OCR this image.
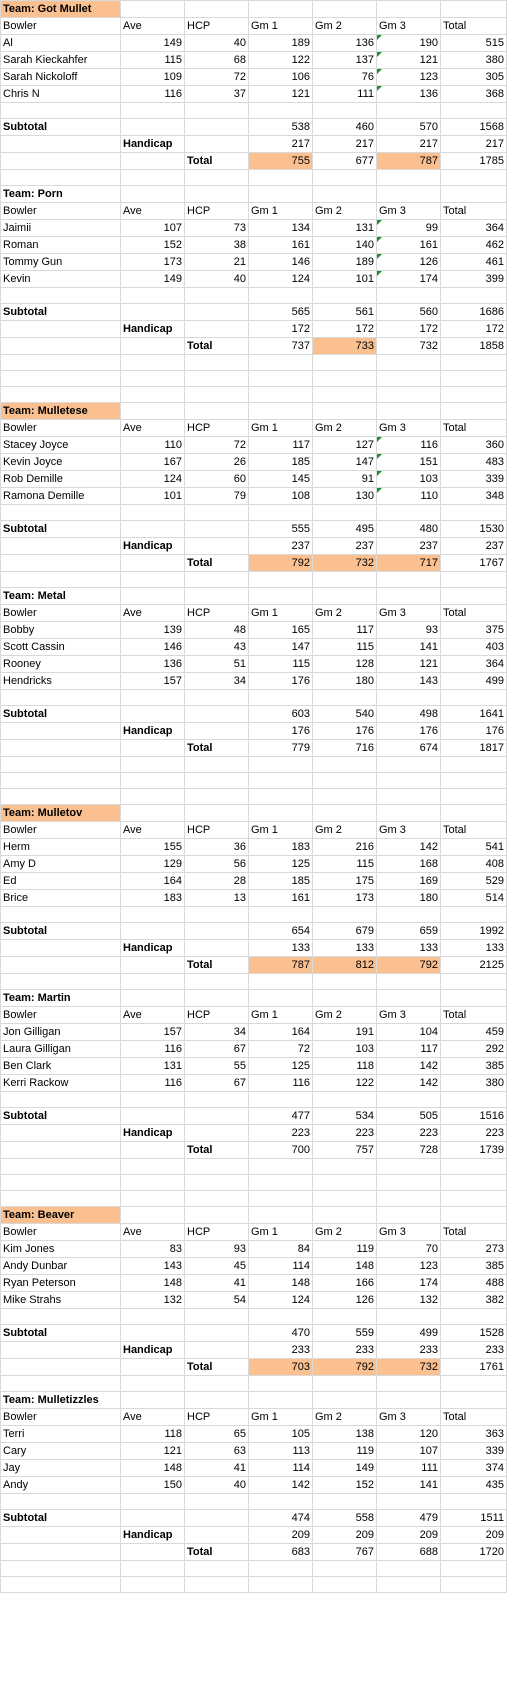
Team: Got Mullet						
Bowler	Ave	HCP	Gm 1	Gm 2	Gm 3	Total
Al	149	40	189	136	190	515
Sarah Kieckahfer	115	68	122	137	121	380
Sarah Nickoloff	109	72	106	76	123	305
Chris N	116	37	121	111	136	368

Subtotal			538	460	570	1568
	Handicap		217	217	217	217
		Total	755	677	787	1785

Team: Porn						
Bowler	Ave	HCP	Gm 1	Gm 2	Gm 3	Total
Jaimii	107	73	134	131	99	364
Roman	152	38	161	140	161	462
Tommy Gun	173	21	146	189	126	461
Kevin	149	40	124	101	174	399

Subtotal			565	561	560	1686
	Handicap		172	172	172	172
		Total	737	733	732	1858

Team: Mulletese						
Bowler	Ave	HCP	Gm 1	Gm 2	Gm 3	Total
Stacey Joyce	110	72	117	127	116	360
Kevin Joyce	167	26	185	147	151	483
Rob Demille	124	60	145	91	103	339
Ramona Demille	101	79	108	130	110	348

Subtotal			555	495	480	1530
	Handicap		237	237	237	237
		Total	792	732	717	1767

Team: Metal						
Bowler	Ave	HCP	Gm 1	Gm 2	Gm 3	Total
Bobby	139	48	165	117	93	375
Scott Cassin	146	43	147	115	141	403
Rooney	136	51	115	128	121	364
Hendricks	157	34	176	180	143	499

Subtotal			603	540	498	1641
	Handicap		176	176	176	176
		Total	779	716	674	1817

Team: Mulletov						
Bowler	Ave	HCP	Gm 1	Gm 2	Gm 3	Total
Herm	155	36	183	216	142	541
Amy D	129	56	125	115	168	408
Ed	164	28	185	175	169	529
Brice	183	13	161	173	180	514

Subtotal			654	679	659	1992
	Handicap		133	133	133	133
		Total	787	812	792	2125

Team: Martin						
Bowler	Ave	HCP	Gm 1	Gm 2	Gm 3	Total
Jon Gilligan	157	34	164	191	104	459
Laura Gilligan	116	67	72	103	117	292
Ben Clark	131	55	125	118	142	385
Kerri Rackow	116	67	116	122	142	380

Subtotal			477	534	505	1516
	Handicap		223	223	223	223
		Total	700	757	728	1739

Team: Beaver						
Bowler	Ave	HCP	Gm 1	Gm 2	Gm 3	Total
Kim Jones	83	93	84	119	70	273
Andy Dunbar	143	45	114	148	123	385
Ryan Peterson	148	41	148	166	174	488
Mike Strahs	132	54	124	126	132	382

Subtotal			470	559	499	1528
	Handicap		233	233	233	233
		Total	703	792	732	1761

Team: Mulletizzles						
Bowler	Ave	HCP	Gm 1	Gm 2	Gm 3	Total
Terri	118	65	105	138	120	363
Cary	121	63	113	119	107	339
Jay	148	41	114	149	111	374
Andy	150	40	142	152	141	435

Subtotal			474	558	479	1511
	Handicap		209	209	209	209
		Total	683	767	688	1720
